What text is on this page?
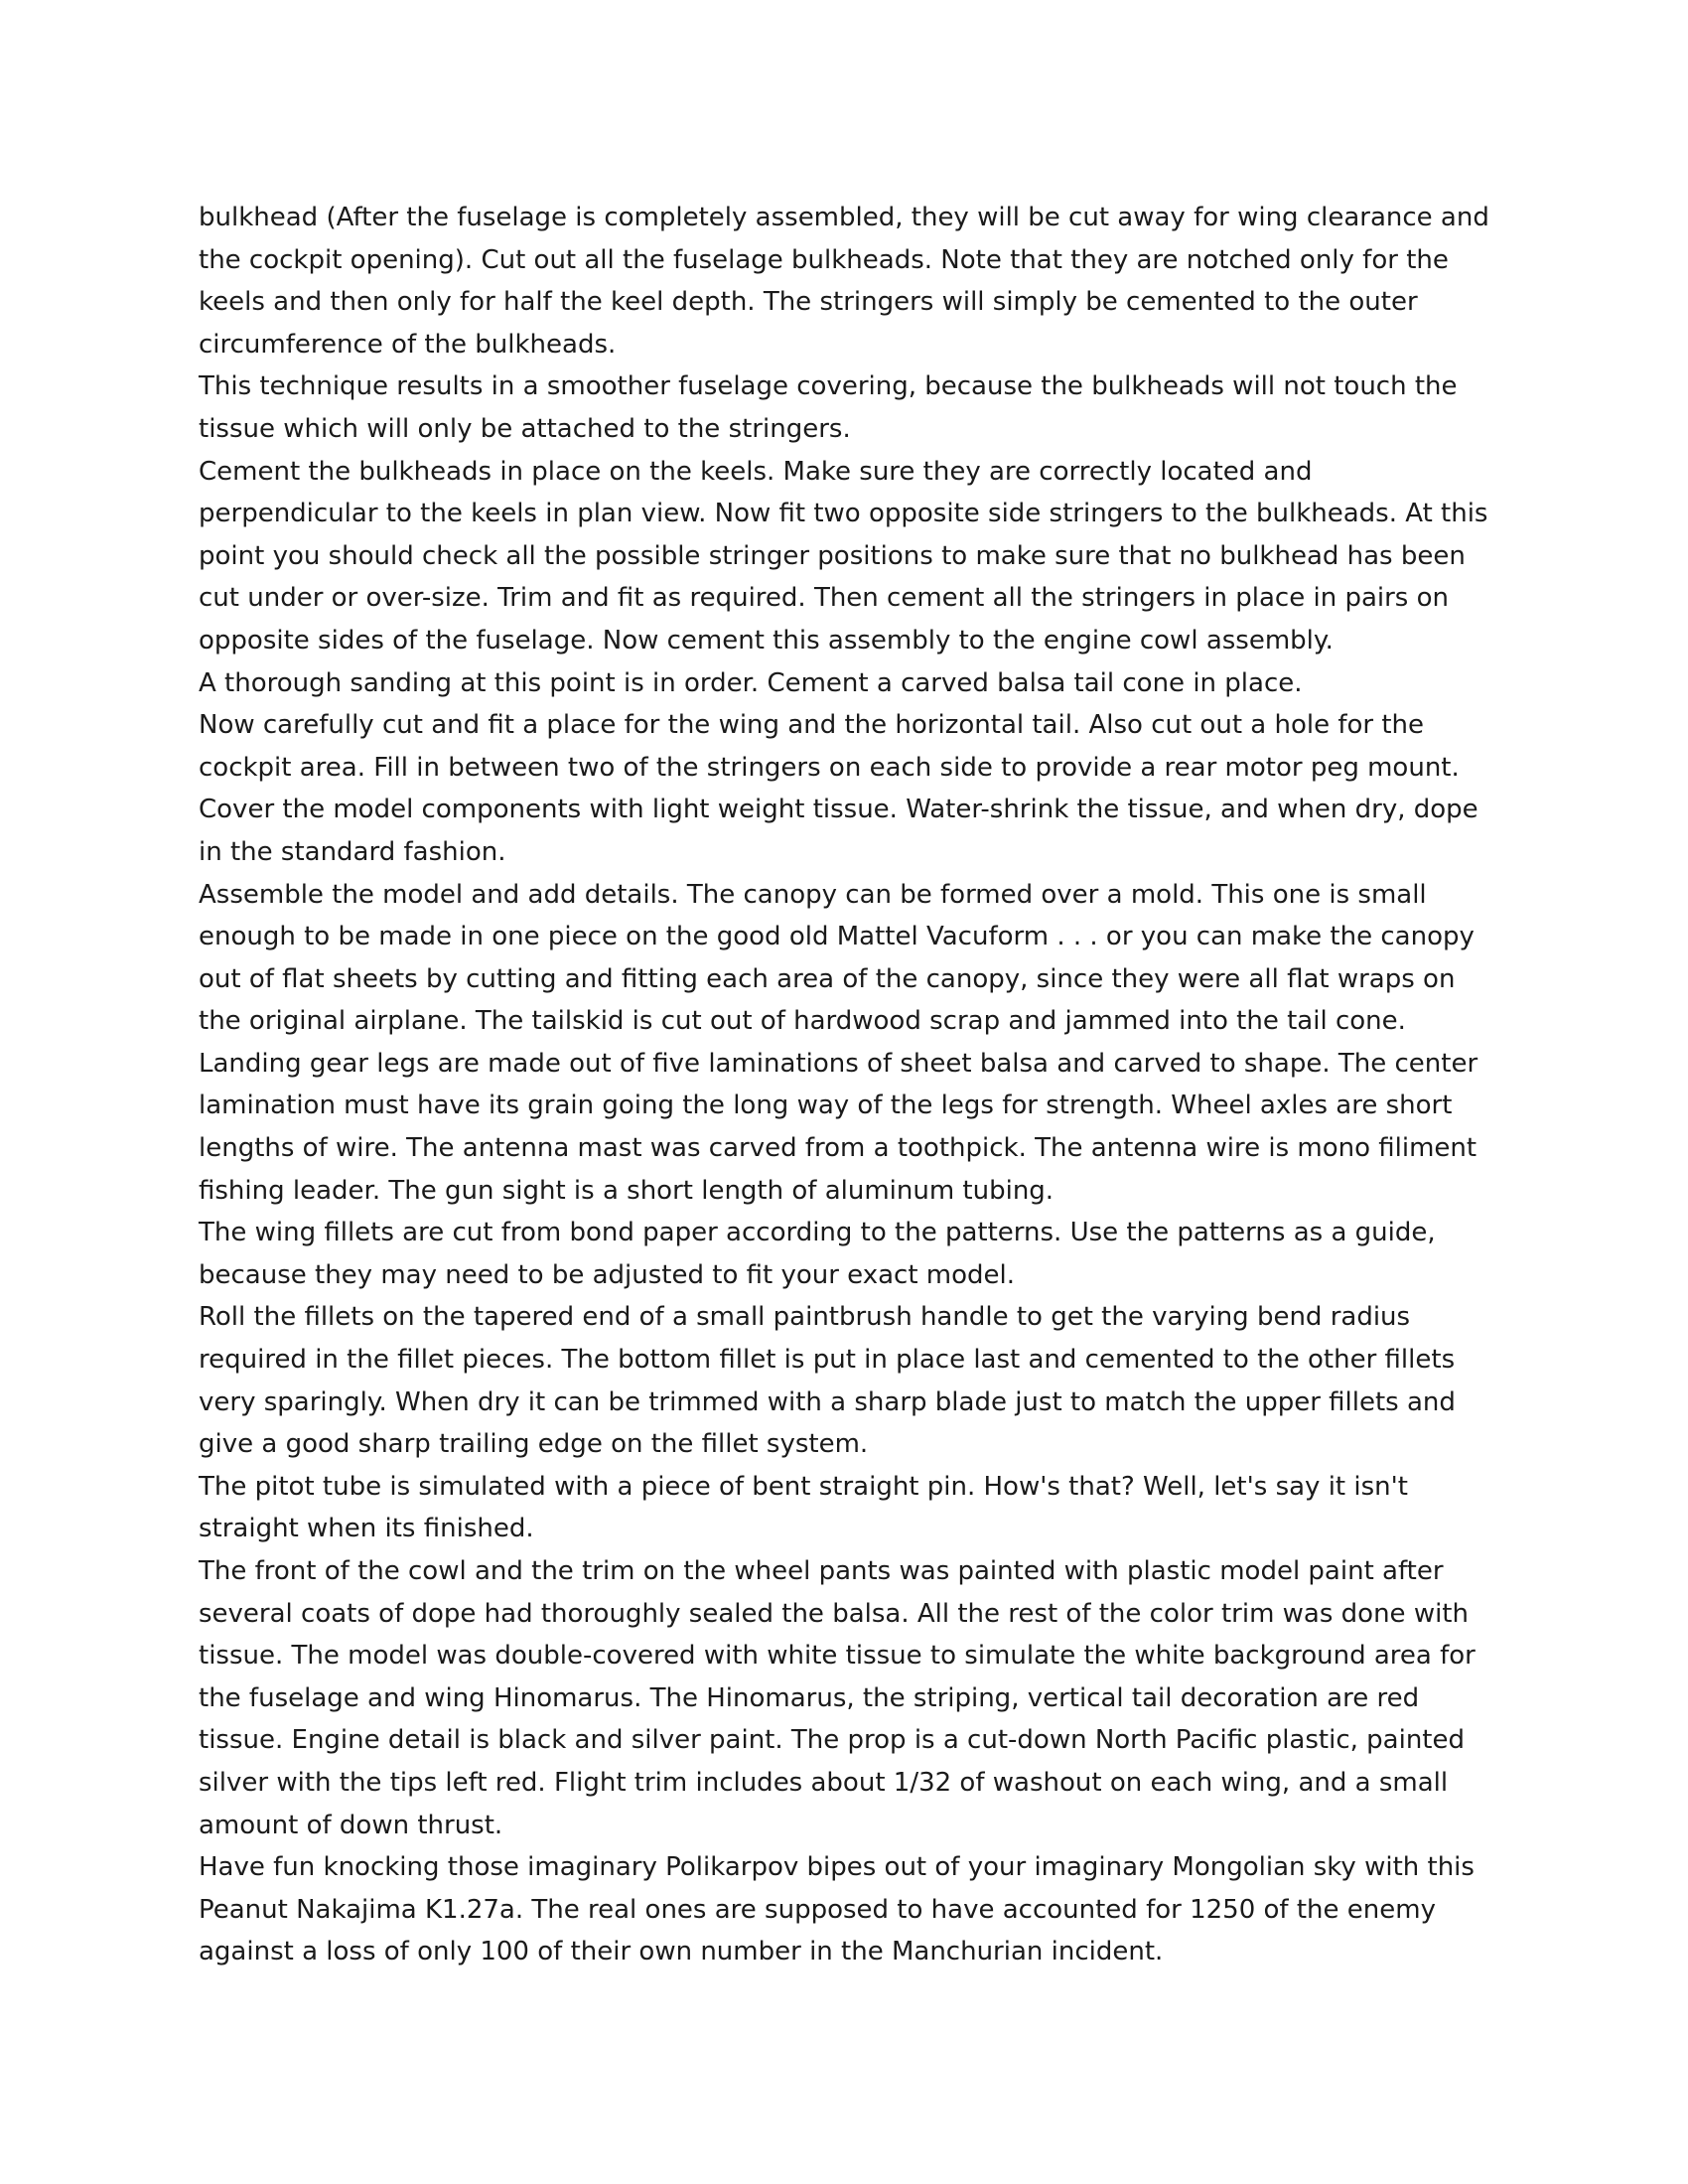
bulkhead (After the fuselage is completely assembled, they will be cut away for wing clearance and the cockpit opening). Cut out all the fuselage bulkheads. Note that they are notched only for the keels and then only for half the keel depth. The stringers will simply be cemented to the outer circumference of the bulkheads.

This technique results in a smoother fuselage covering, because the bulkheads will not touch the tissue which will only be attached to the stringers.

Cement the bulkheads in place on the keels. Make sure they are correctly located and perpendicular to the keels in plan view. Now fit two opposite side stringers to the bulkheads. At this point you should check all the possible stringer positions to make sure that no bulkhead has been cut under or over-size. Trim and fit as required. Then cement all the stringers in place in pairs on opposite sides of the fuselage. Now cement this assembly to the engine cowl assembly.

A thorough sanding at this point is in order. Cement a carved balsa tail cone in place.

Now carefully cut and fit a place for the wing and the horizontal tail. Also cut out a hole for the cockpit area. Fill in between two of the stringers on each side to provide a rear motor peg mount.

Cover the model components with light weight tissue. Water-shrink the tissue, and when dry, dope in the standard fashion.

Assemble the model and add details. The canopy can be formed over a mold. This one is small enough to be made in one piece on the good old Mattel Vacuform . . . or you can make the canopy out of flat sheets by cutting and fitting each area of the canopy, since they were all flat wraps on the original airplane. The tailskid is cut out of hardwood scrap and jammed into the tail cone. Landing gear legs are made out of five laminations of sheet balsa and carved to shape. The center lamination must have its grain going the long way of the legs for strength. Wheel axles are short lengths of wire. The antenna mast was carved from a toothpick. The antenna wire is mono filiment fishing leader. The gun sight is a short length of aluminum tubing.

The wing fillets are cut from bond paper according to the patterns. Use the patterns as a guide, because they may need to be adjusted to fit your exact model.

Roll the fillets on the tapered end of a small paintbrush handle to get the varying bend radius required in the fillet pieces. The bottom fillet is put in place last and cemented to the other fillets very sparingly. When dry it can be trimmed with a sharp blade just to match the upper fillets and give a good sharp trailing edge on the fillet system.

The pitot tube is simulated with a piece of bent straight pin. How's that? Well, let's say it isn't straight when its finished.

The front of the cowl and the trim on the wheel pants was painted with plastic model paint after several coats of dope had thoroughly sealed the balsa. All the rest of the color trim was done with tissue. The model was double-covered with white tissue to simulate the white background area for the fuselage and wing Hinomarus. The Hinomarus, the striping, vertical tail decoration are red tissue. Engine detail is black and silver paint. The prop is a cut-down North Pacific plastic, painted silver with the tips left red. Flight trim includes about 1/32 of washout on each wing, and a small amount of down thrust.

Have fun knocking those imaginary Polikarpov bipes out of your imaginary Mongolian sky with this Peanut Nakajima K1.27a. The real ones are supposed to have accounted for 1250 of the enemy against a loss of only 100 of their own number in the Manchurian incident.
